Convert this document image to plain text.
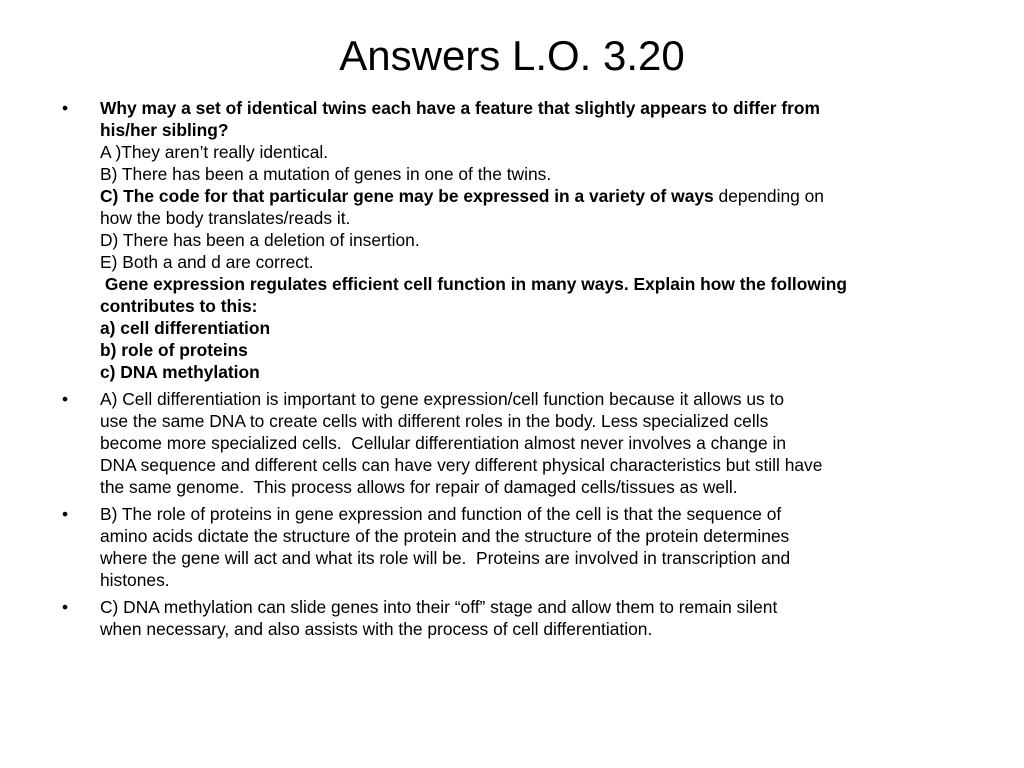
Answers L.O. 3.20
•	Why may a set of identical twins each have a feature that slightly appears to differ from
his/her sibling?
A )They aren’t really identical.
B) There has been a mutation of genes in one of the twins.
C) The code for that particular gene may be expressed in a variety of ways depending on
how the body translates/reads it.
D) There has been a deletion of insertion.
E) Both a and d are correct.
Gene expression regulates efficient cell function in many ways. Explain how the following
contributes to this:
a) cell differentiation
b) role of proteins
c) DNA methylation
•	A) Cell differentiation is important to gene expression/cell function because it allows us to
use the same DNA to create cells with different roles in the body. Less specialized cells
become more specialized cells.  Cellular differentiation almost never involves a change in
DNA sequence and different cells can have very different physical characteristics but still have
the same genome.  This process allows for repair of damaged cells/tissues as well.
•	B) The role of proteins in gene expression and function of the cell is that the sequence of
amino acids dictate the structure of the protein and the structure of the protein determines
where the gene will act and what its role will be.  Proteins are involved in transcription and
histones.
•	C) DNA methylation can slide genes into their “off” stage and allow them to remain silent
when necessary, and also assists with the process of cell differentiation.
